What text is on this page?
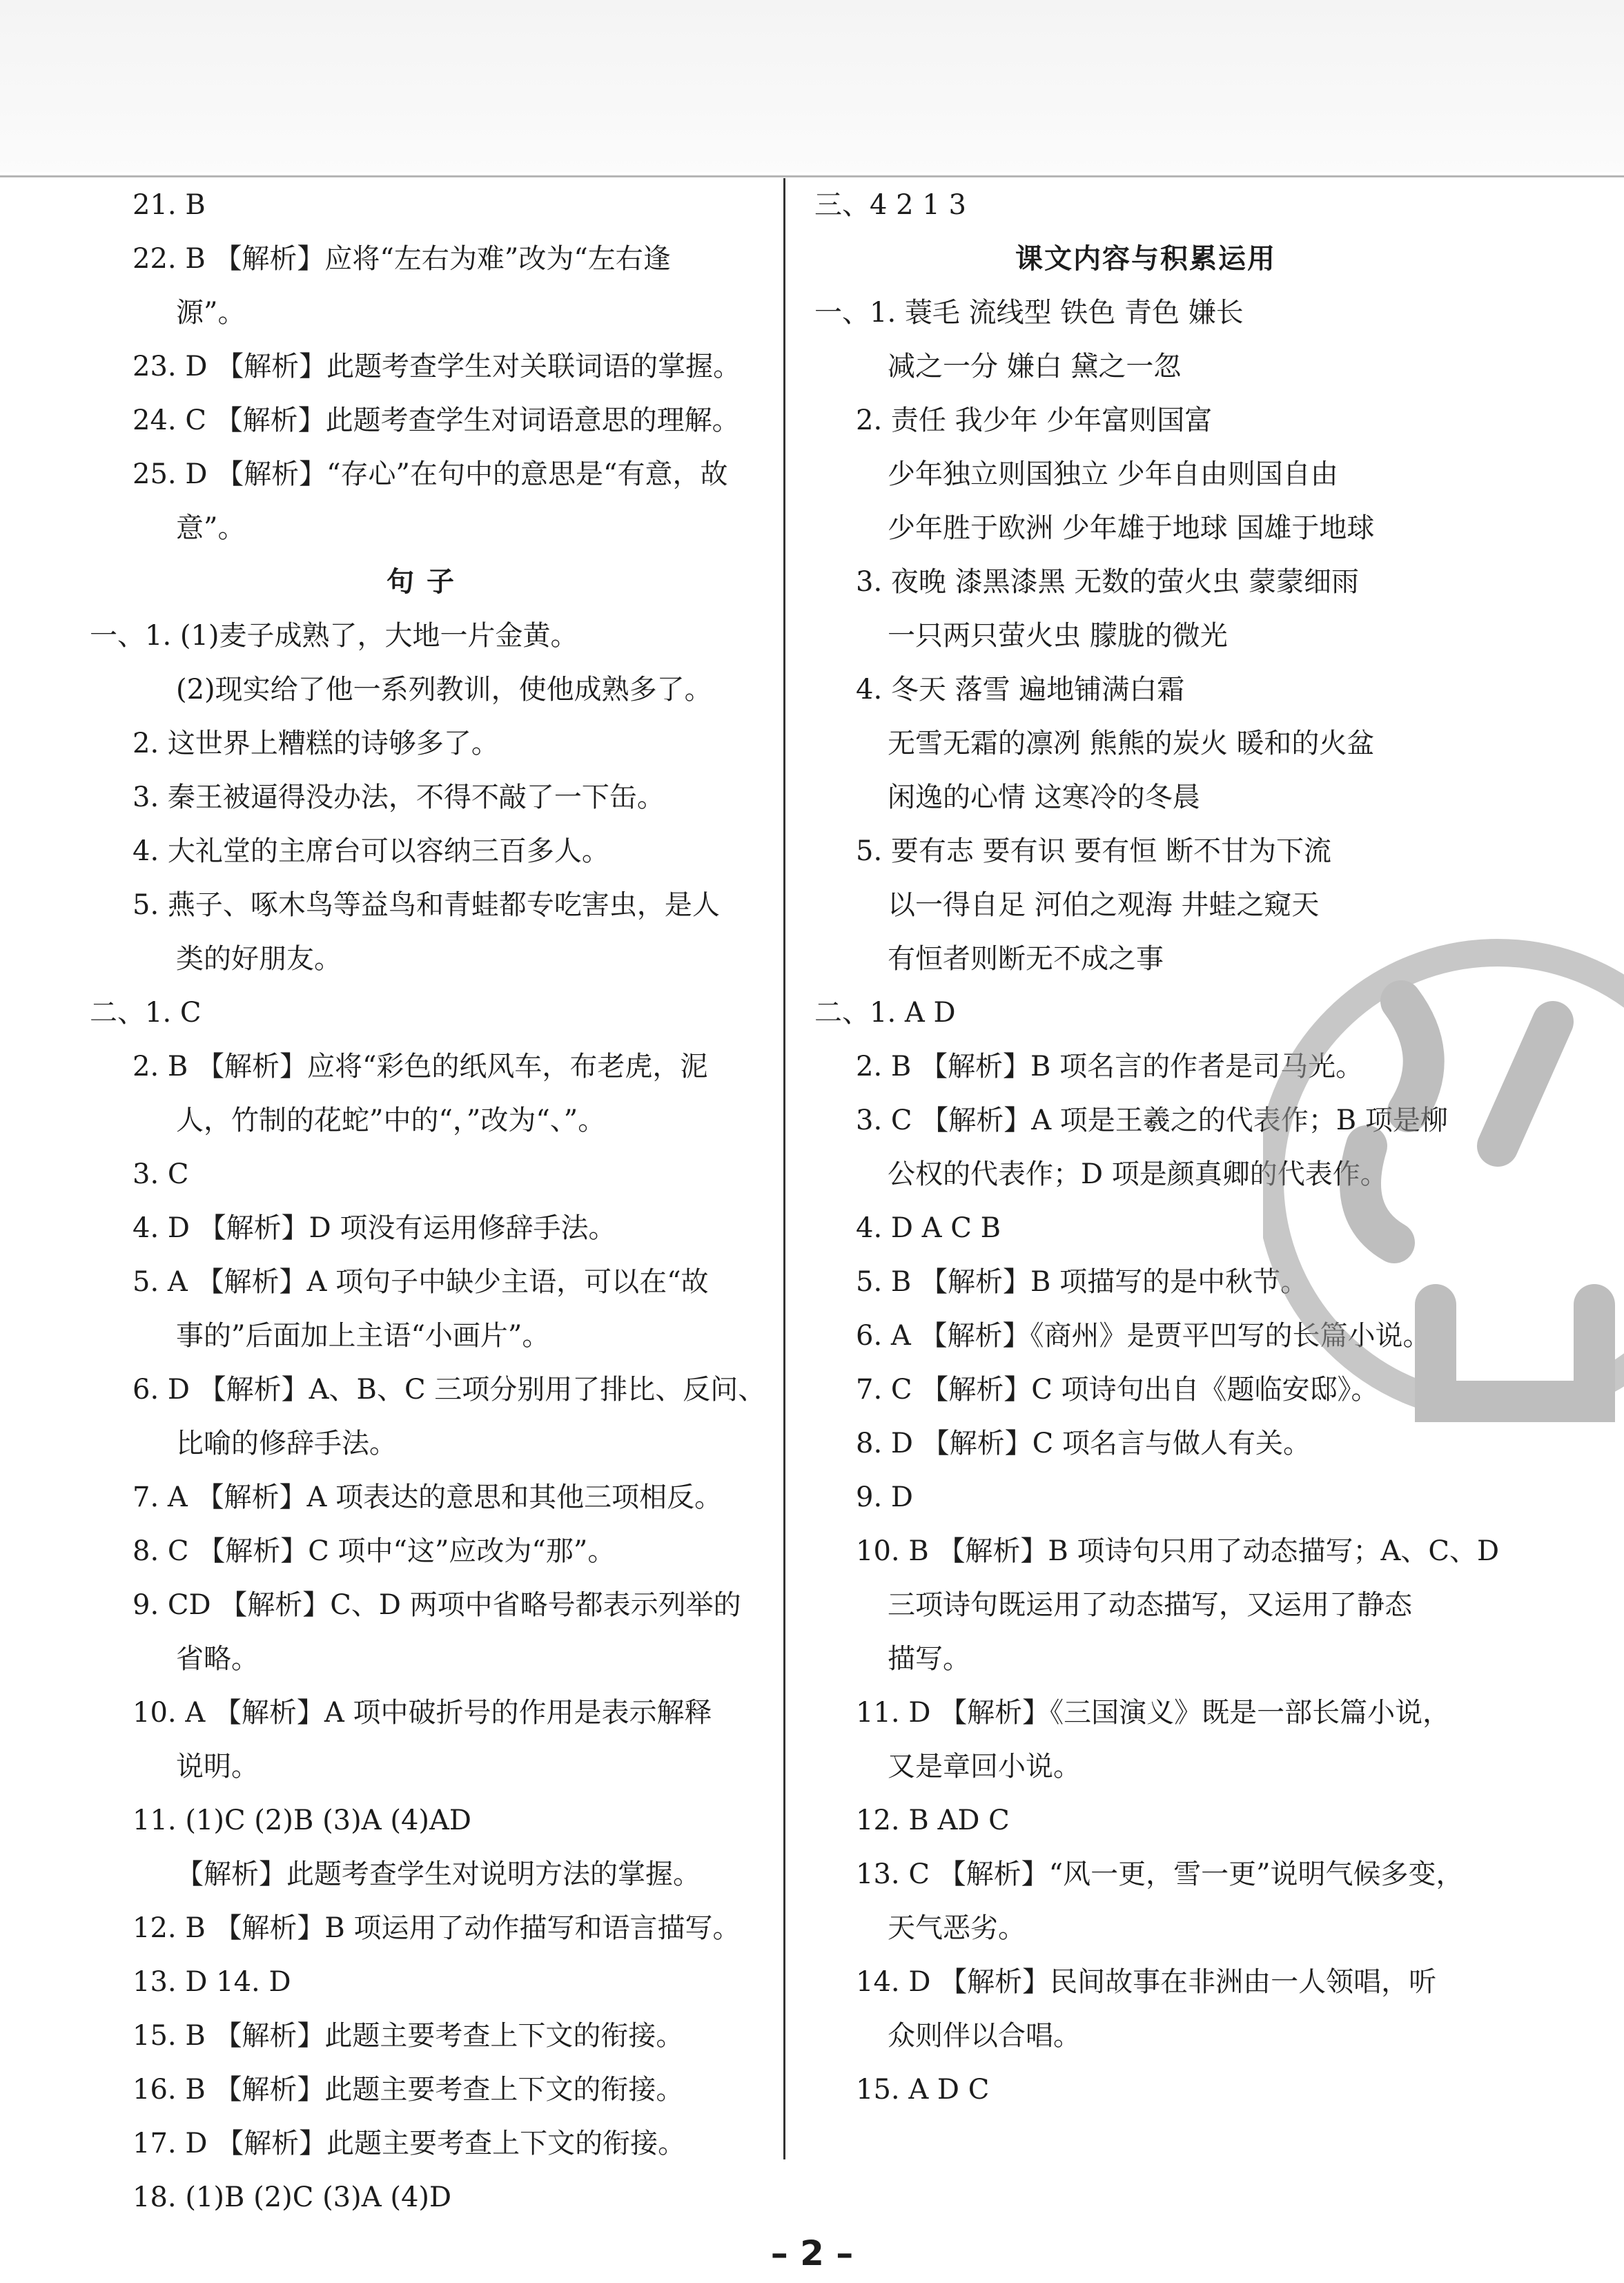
21. B
22. B 【解析】应将“左右为难”改为“左右逢
源”。
23. D 【解析】此题考查学生对关联词语的掌握。
24. C 【解析】此题考查学生对词语意思的理解。
25. D 【解析】“存心”在句中的意思是“有意，故
意”。
句 子
一、1. (1)麦子成熟了，大地一片金黄。
(2)现实给了他一系列教训，使他成熟多了。
2. 这世界上糟糕的诗够多了。
3. 秦王被逼得没办法，不得不敲了一下缶。
4. 大礼堂的主席台可以容纳三百多人。
5. 燕子、啄木鸟等益鸟和青蛙都专吃害虫，是人
类的好朋友。
二、1. C
2. B 【解析】应将“彩色的纸风车，布老虎，泥
人，竹制的花蛇”中的“，”改为“、”。
3. C
4. D 【解析】D 项没有运用修辞手法。
5. A 【解析】A 项句子中缺少主语，可以在“故
事的”后面加上主语“小画片”。
6. D 【解析】A、B、C 三项分别用了排比、反问、
比喻的修辞手法。
7. A 【解析】A 项表达的意思和其他三项相反。
8. C 【解析】C 项中“这”应改为“那”。
9. CD 【解析】C、D 两项中省略号都表示列举的
省略。
10. A 【解析】A 项中破折号的作用是表示解释
说明。
11. (1)C (2)B (3)A (4)AD
【解析】此题考查学生对说明方法的掌握。
12. B 【解析】B 项运用了动作描写和语言描写。
13. D 14. D
15. B 【解析】此题主要考查上下文的衔接。
16. B 【解析】此题主要考查上下文的衔接。
17. D 【解析】此题主要考查上下文的衔接。
18. (1)B (2)C (3)A (4)D
三、4 2 1 3
课文内容与积累运用
一、1. 蓑毛 流线型 铁色 青色 嫌长
减之一分 嫌白 黛之一忽
2. 责任 我少年 少年富则国富
少年独立则国独立 少年自由则国自由
少年胜于欧洲 少年雄于地球 国雄于地球
3. 夜晚 漆黑漆黑 无数的萤火虫 蒙蒙细雨
一只两只萤火虫 朦胧的微光
4. 冬天 落雪 遍地铺满白霜
无雪无霜的凛冽 熊熊的炭火 暖和的火盆
闲逸的心情 这寒冷的冬晨
5. 要有志 要有识 要有恒 断不甘为下流
以一得自足 河伯之观海 井蛙之窥天
有恒者则断无不成之事
二、1. A D
2. B 【解析】B 项名言的作者是司马光。
3. C 【解析】A 项是王羲之的代表作；B 项是柳
公权的代表作；D 项是颜真卿的代表作。
4. D A C B
5. B 【解析】B 项描写的是中秋节。
6. A 【解析】《商州》是贾平凹写的长篇小说。
7. C 【解析】C 项诗句出自《题临安邸》。
8. D 【解析】C 项名言与做人有关。
9. D
10. B 【解析】B 项诗句只用了动态描写；A、C、D
三项诗句既运用了动态描写，又运用了静态
描写。
11. D 【解析】《三国演义》既是一部长篇小说，
又是章回小说。
12. B AD C
13. C 【解析】“风一更，雪一更”说明气候多变，
天气恶劣。
14. D 【解析】民间故事在非洲由一人领唱，听
众则伴以合唱。
15. A D C
– 2 –
